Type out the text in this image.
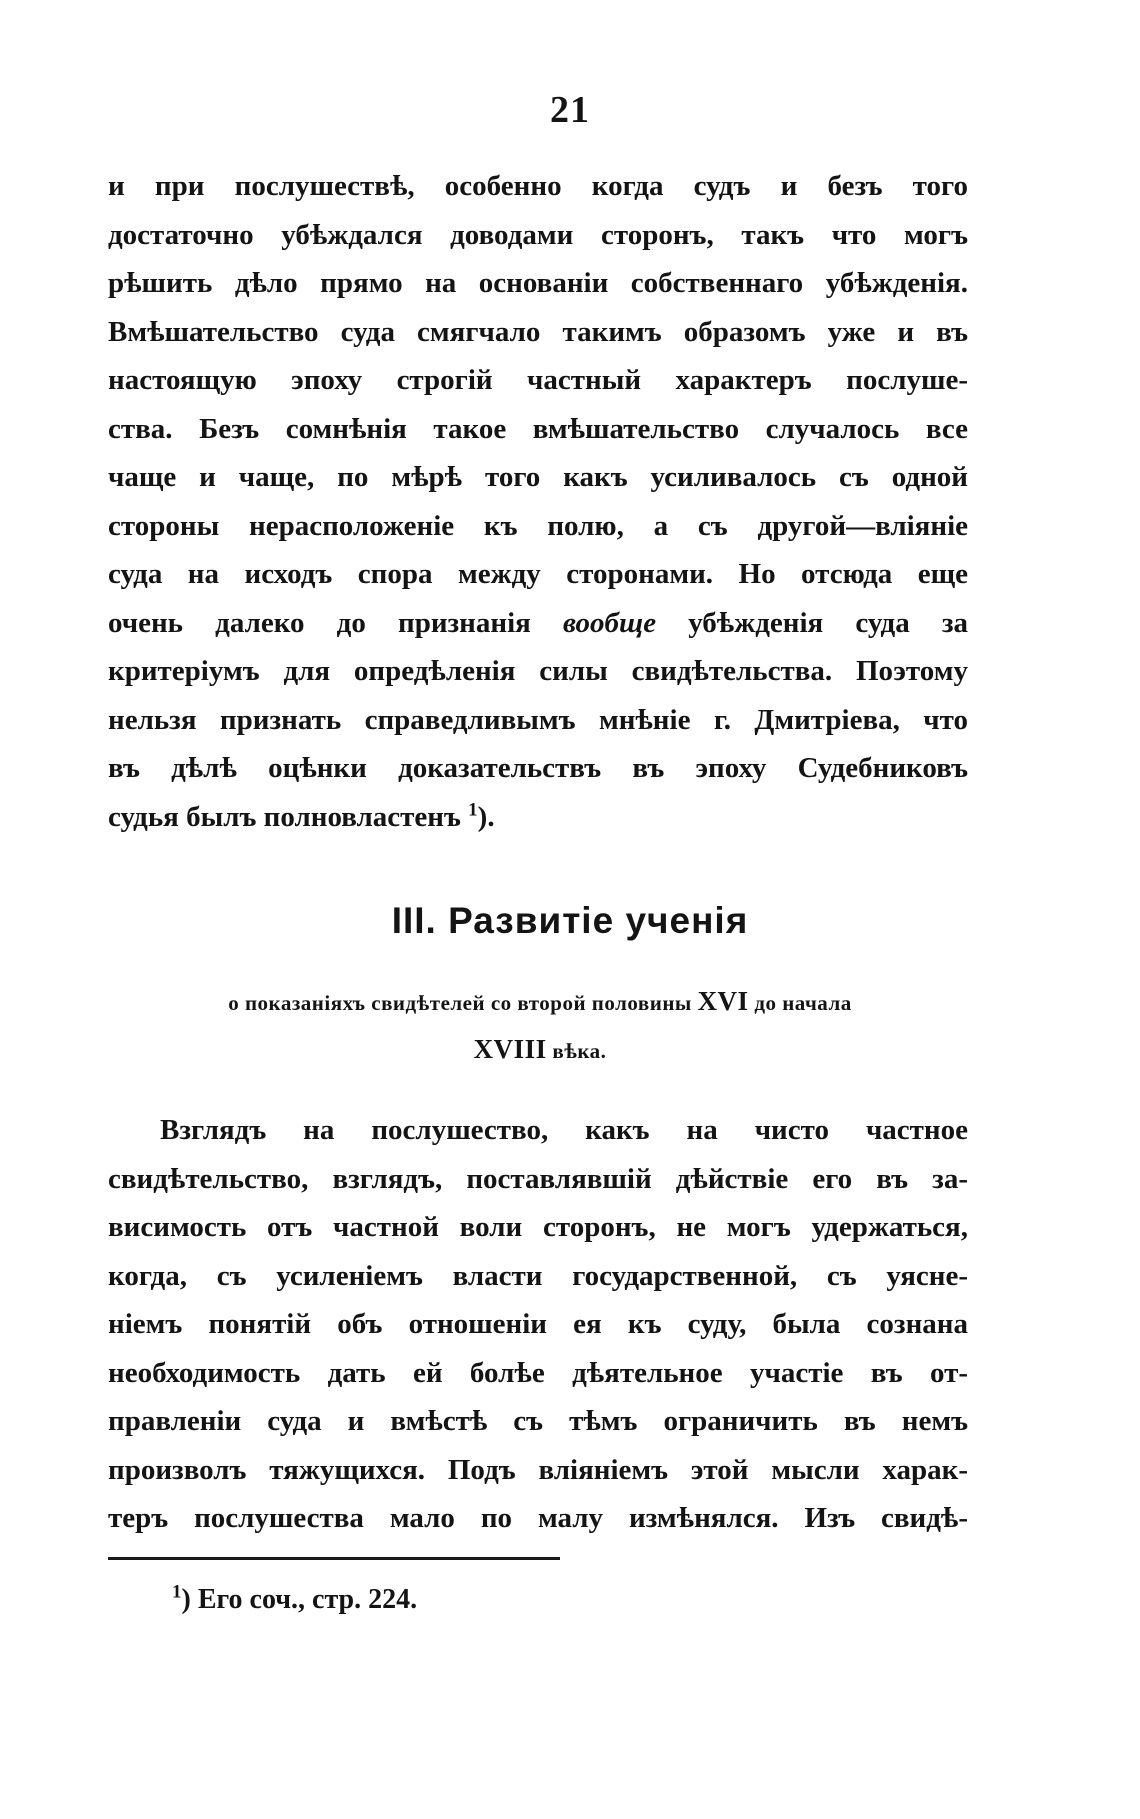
21
и при послушествѣ, особенно когда судъ и безъ того
достаточно убѣждался доводами сторонъ, такъ что могъ
рѣшить дѣло прямо на основаніи собственнаго убѣжденія.
Вмѣшательство суда смягчало такимъ образомъ уже и въ
настоящую эпоху строгій частный характеръ послуше-
ства. Безъ сомнѣнія такое вмѣшательство случалось все
чаще и чаще, по мѣрѣ того какъ усиливалось съ одной
стороны нерасположеніе къ полю, а съ другой—вліяніе
суда на исходъ спора между сторонами. Но отсюда еще
очень далеко до признанія вообще убѣжденія суда за
критеріумъ для опредѣленія силы свидѣтельства. Поэтому
нельзя признать справедливымъ мнѣніе г. Дмитріева, что
въ дѣлѣ оцѣнки доказательствъ въ эпоху Судебниковъ
судья былъ полновластенъ $^1$).
III. Развитіе ученія
о показаніяхъ свидѣтелей со второй половины XVI до начала
XVIII вѣка.
Взглядъ на послушество, какъ на чисто частное
свидѣтельство, взглядъ, поставлявшій дѣйствіе его въ за-
висимость отъ частной воли сторонъ, не могъ удержаться,
когда, съ усиленіемъ власти государственной, съ уясне-
ніемъ понятій объ отношеніи ея къ суду, была сознана
необходимость дать ей болѣе дѣятельное участіе въ от-
правленіи суда и вмѣстѣ съ тѣмъ ограничить въ немъ
произволъ тяжущихся. Подъ вліяніемъ этой мысли харак-
теръ послушества мало по малу измѣнялся. Изъ свидѣ-
$^1$) Его соч., стр. 224.
